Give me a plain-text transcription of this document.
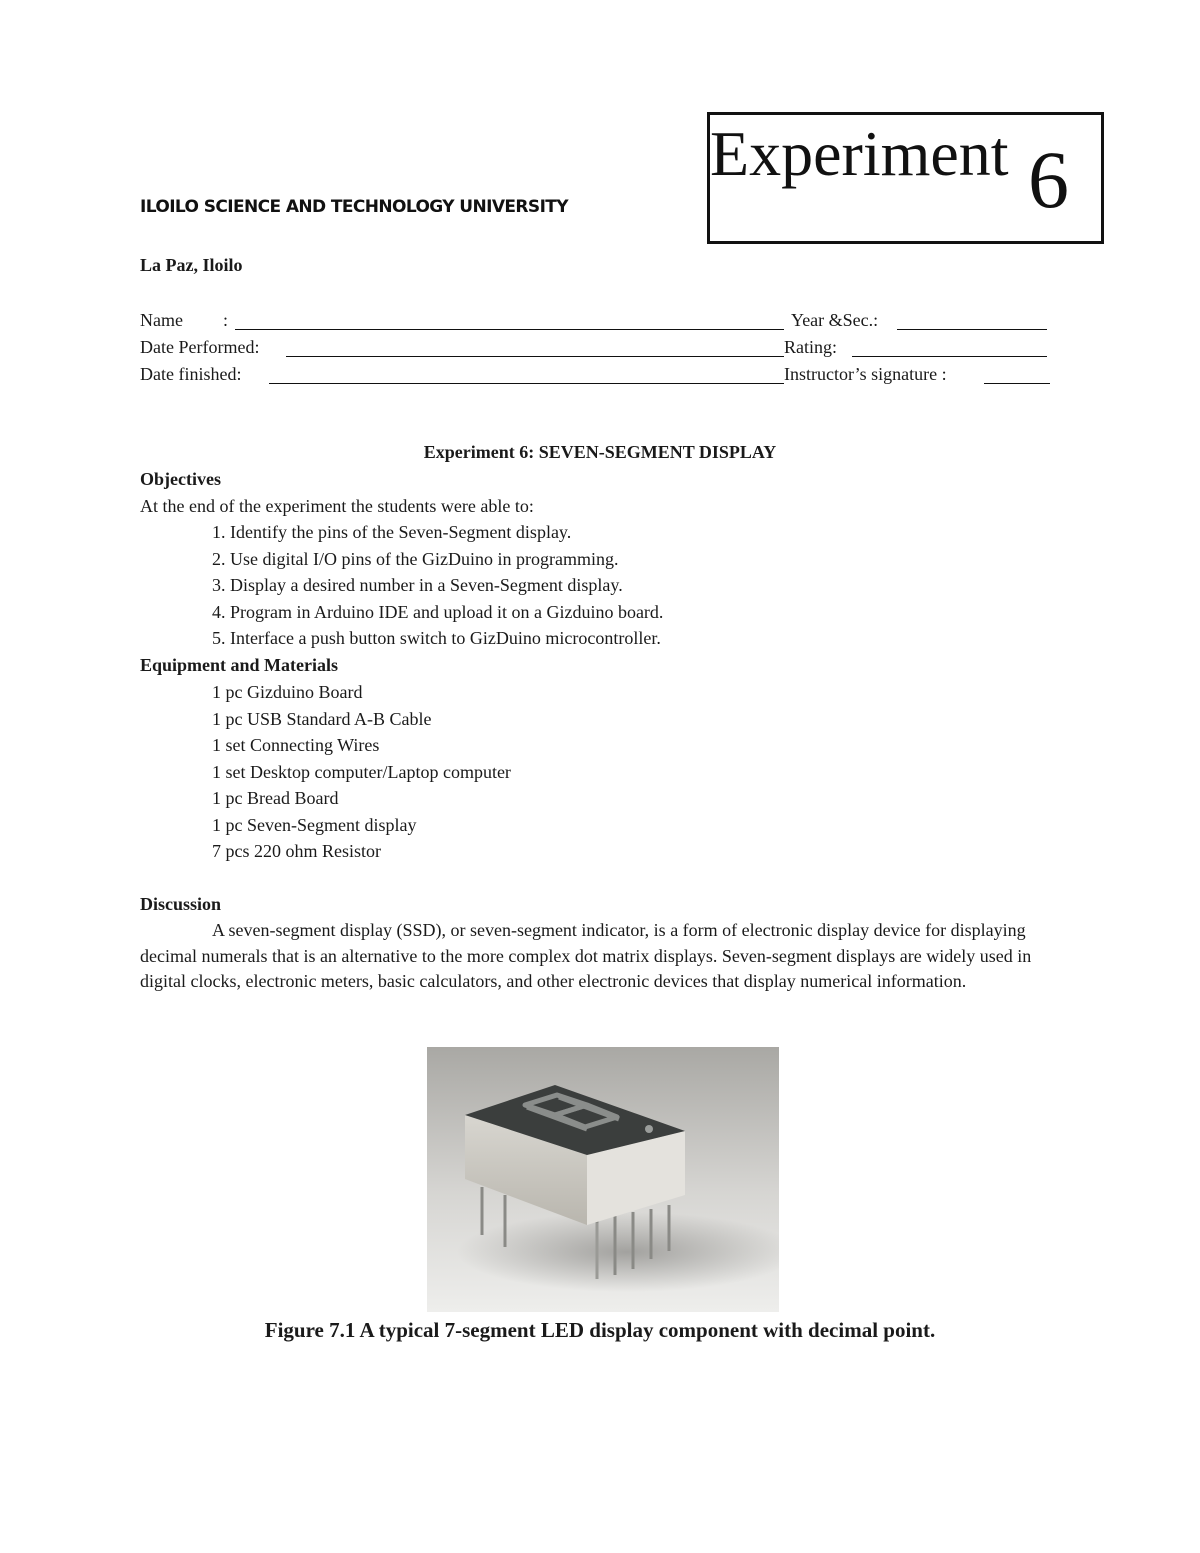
ILOILO SCIENCE AND TECHNOLOGY UNIVERSITY
La Paz, Iloilo
Experiment 6
Name :	Year &Sec.:
Date Performed:	Rating:
Date finished:	Instructor’s signature :
Experiment 6: SEVEN-SEGMENT DISPLAY
Objectives
At the end of the experiment the students were able to:
1. Identify the pins of the Seven-Segment display.
2. Use digital I/O pins of the GizDuino in programming.
3. Display a desired number in a Seven-Segment display.
4. Program in Arduino IDE and upload it on a Gizduino board.
5. Interface a push button switch to GizDuino microcontroller.
Equipment and Materials
1 pc Gizduino Board
1 pc USB Standard A-B Cable
1 set Connecting Wires
1 set Desktop computer/Laptop computer
1 pc Bread Board
1 pc Seven-Segment display
7 pcs 220 ohm Resistor
Discussion
A seven-segment display (SSD), or seven-segment indicator, is a form of electronic display device for displaying decimal numerals that is an alternative to the more complex dot matrix displays. Seven-segment displays are widely used in digital clocks, electronic meters, basic calculators, and other electronic devices that display numerical information.
Figure 7.1 A typical 7-segment LED display component with decimal point.
